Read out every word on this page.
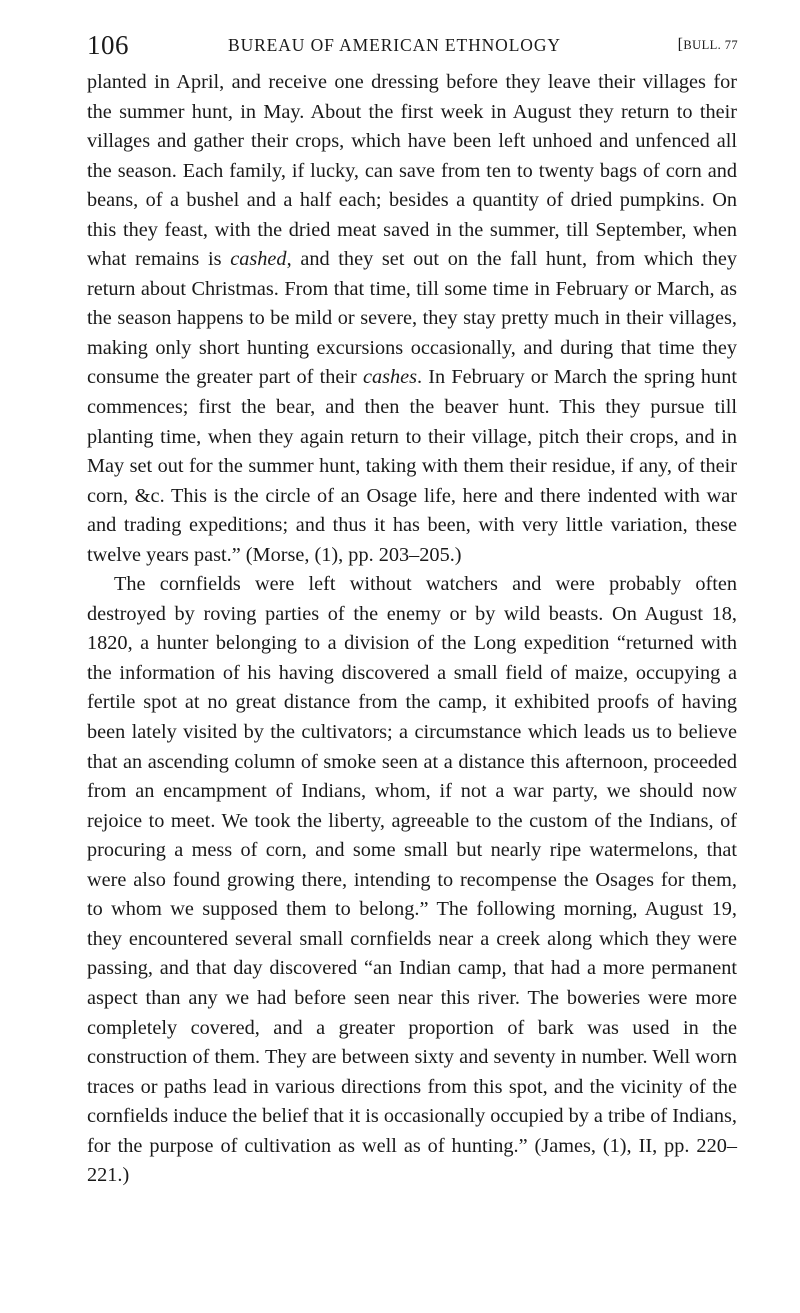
106	BUREAU OF AMERICAN ETHNOLOGY	[BULL. 77

planted in April, and receive one dressing before they leave their villages for the summer hunt, in May. About the first week in August they return to their villages and gather their crops, which have been left unhoed and unfenced all the season. Each family, if lucky, can save from ten to twenty bags of corn and beans, of a bushel and a half each; besides a quantity of dried pumpkins. On this they feast, with the dried meat saved in the summer, till September, when what remains is cashed, and they set out on the fall hunt, from which they return about Christmas. From that time, till some time in February or March, as the season happens to be mild or severe, they stay pretty much in their villages, making only short hunting excursions occasionally, and during that time they consume the greater part of their cashes. In February or March the spring hunt commences; first the bear, and then the beaver hunt. This they pursue till planting time, when they again return to their village, pitch their crops, and in May set out for the summer hunt, taking with them their residue, if any, of their corn, &c. This is the circle of an Osage life, here and there indented with war and trading expeditions; and thus it has been, with very little variation, these twelve years past.” (Morse, (1), pp. 203–205.)

The cornfields were left without watchers and were probably often destroyed by roving parties of the enemy or by wild beasts. On August 18, 1820, a hunter belonging to a division of the Long expedition “returned with the information of his having discovered a small field of maize, occupying a fertile spot at no great distance from the camp, it exhibited proofs of having been lately visited by the cultivators; a circumstance which leads us to believe that an ascending column of smoke seen at a distance this afternoon, proceeded from an encampment of Indians, whom, if not a war party, we should now rejoice to meet. We took the liberty, agreeable to the custom of the Indians, of procuring a mess of corn, and some small but nearly ripe watermelons, that were also found growing there, intending to recompense the Osages for them, to whom we supposed them to belong.” The following morning, August 19, they encountered several small cornfields near a creek along which they were passing, and that day discovered “an Indian camp, that had a more permanent aspect than any we had before seen near this river. The boweries were more completely covered, and a greater proportion of bark was used in the construction of them. They are between sixty and seventy in number. Well worn traces or paths lead in various directions from this spot, and the vicinity of the cornfields induce the belief that it is occasionally occupied by a tribe of Indians, for the purpose of cultivation as well as of hunting.” (James, (1), II, pp. 220–221.)
